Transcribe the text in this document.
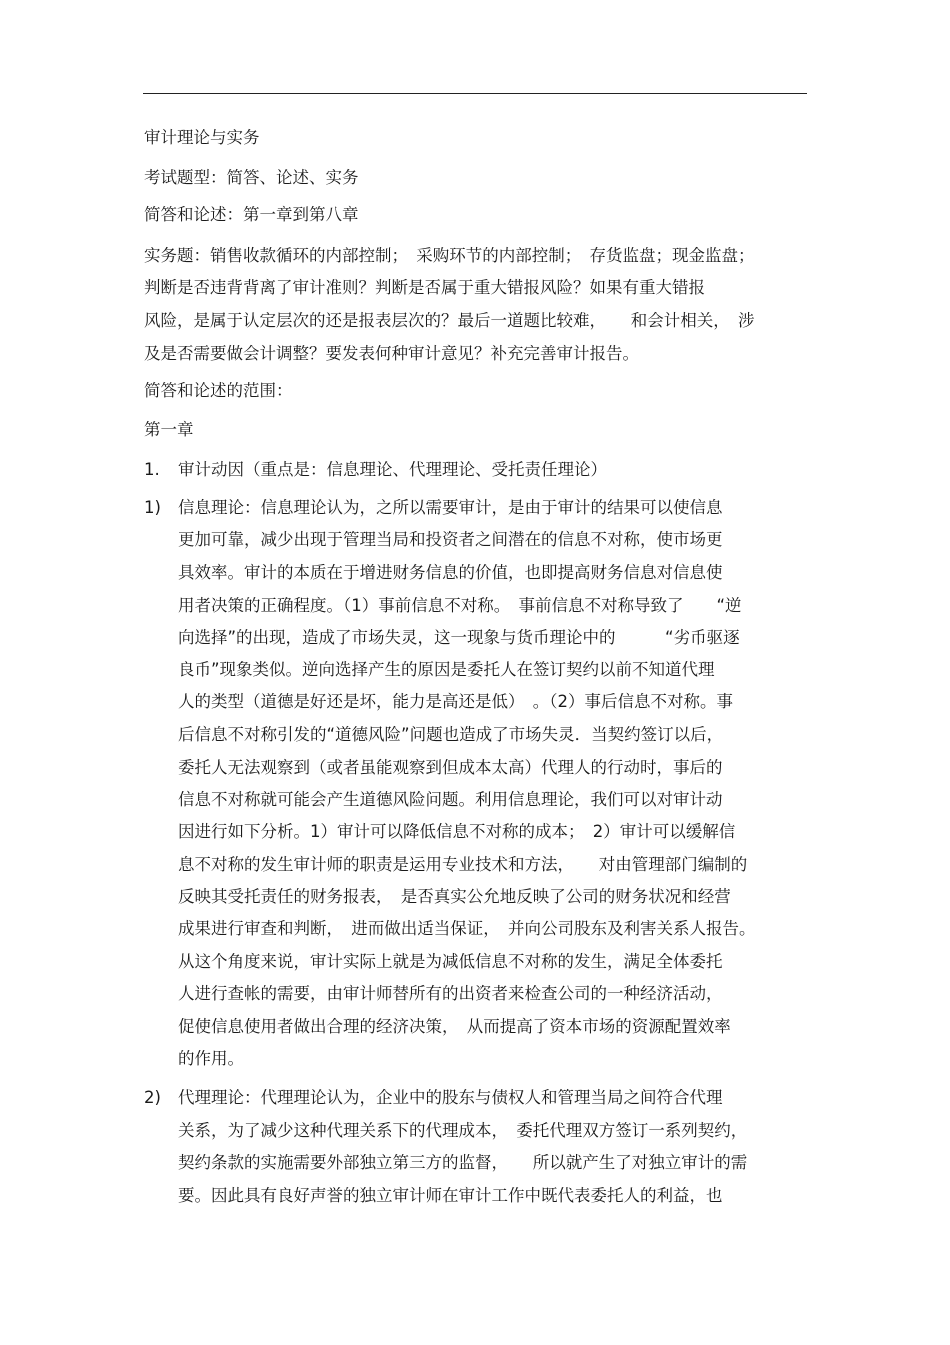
审计理论与实务
考试题型：简答、论述、实务
简答和论述：第一章到第八章
实务题：销售收款循环的内部控制；　采购环节的内部控制；　存货监盘；现金监盘；
判断是否违背背离了审计准则？判断是否属于重大错报风险？如果有重大错报
风险，是属于认定层次的还是报表层次的？最后一道题比较难，　　和会计相关，　涉
及是否需要做会计调整？要发表何种审计意见？补充完善审计报告。
简答和论述的范围：
第一章
1. 审计动因（重点是：信息理论、代理理论、受托责任理论）
1) 信息理论：信息理论认为，之所以需要审计，是由于审计的结果可以使信息
更加可靠，减少出现于管理当局和投资者之间潜在的信息不对称，使市场更
具效率。审计的本质在于增进财务信息的价值，也即提高财务信息对信息使
用者决策的正确程度。（1）事前信息不对称。　事前信息不对称导致了　　“逆
向选择”的出现，造成了市场失灵，这一现象与货币理论中的　　　“劣币驱逐
良币”现象类似。逆向选择产生的原因是委托人在签订契约以前不知道代理
人的类型（道德是好还是坏，能力是高还是低）　。（2）事后信息不对称。事
后信息不对称引发的“道德风险”问题也造成了市场失灵．当契约签订以后，
委托人无法观察到（或者虽能观察到但成本太高）代理人的行动时，事后的
信息不对称就可能会产生道德风险问题。利用信息理论，我们可以对审计动
因进行如下分析。1）审计可以降低信息不对称的成本；　2）审计可以缓解信
息不对称的发生审计师的职责是运用专业技术和方法，　　对由管理部门编制的
反映其受托责任的财务报表，　是否真实公允地反映了公司的财务状况和经营
成果进行审查和判断，　进而做出适当保证，　并向公司股东及利害关系人报告。
从这个角度来说，审计实际上就是为减低信息不对称的发生，满足全体委托
人进行查帐的需要，由审计师替所有的出资者来检查公司的一种经济活动，
促使信息使用者做出合理的经济决策，　从而提高了资本市场的资源配置效率
的作用。
2) 代理理论：代理理论认为，企业中的股东与债权人和管理当局之间符合代理
关系，为了减少这种代理关系下的代理成本，　委托代理双方签订一系列契约，
契约条款的实施需要外部独立第三方的监督，　　所以就产生了对独立审计的需
要。因此具有良好声誉的独立审计师在审计工作中既代表委托人的利益，也
